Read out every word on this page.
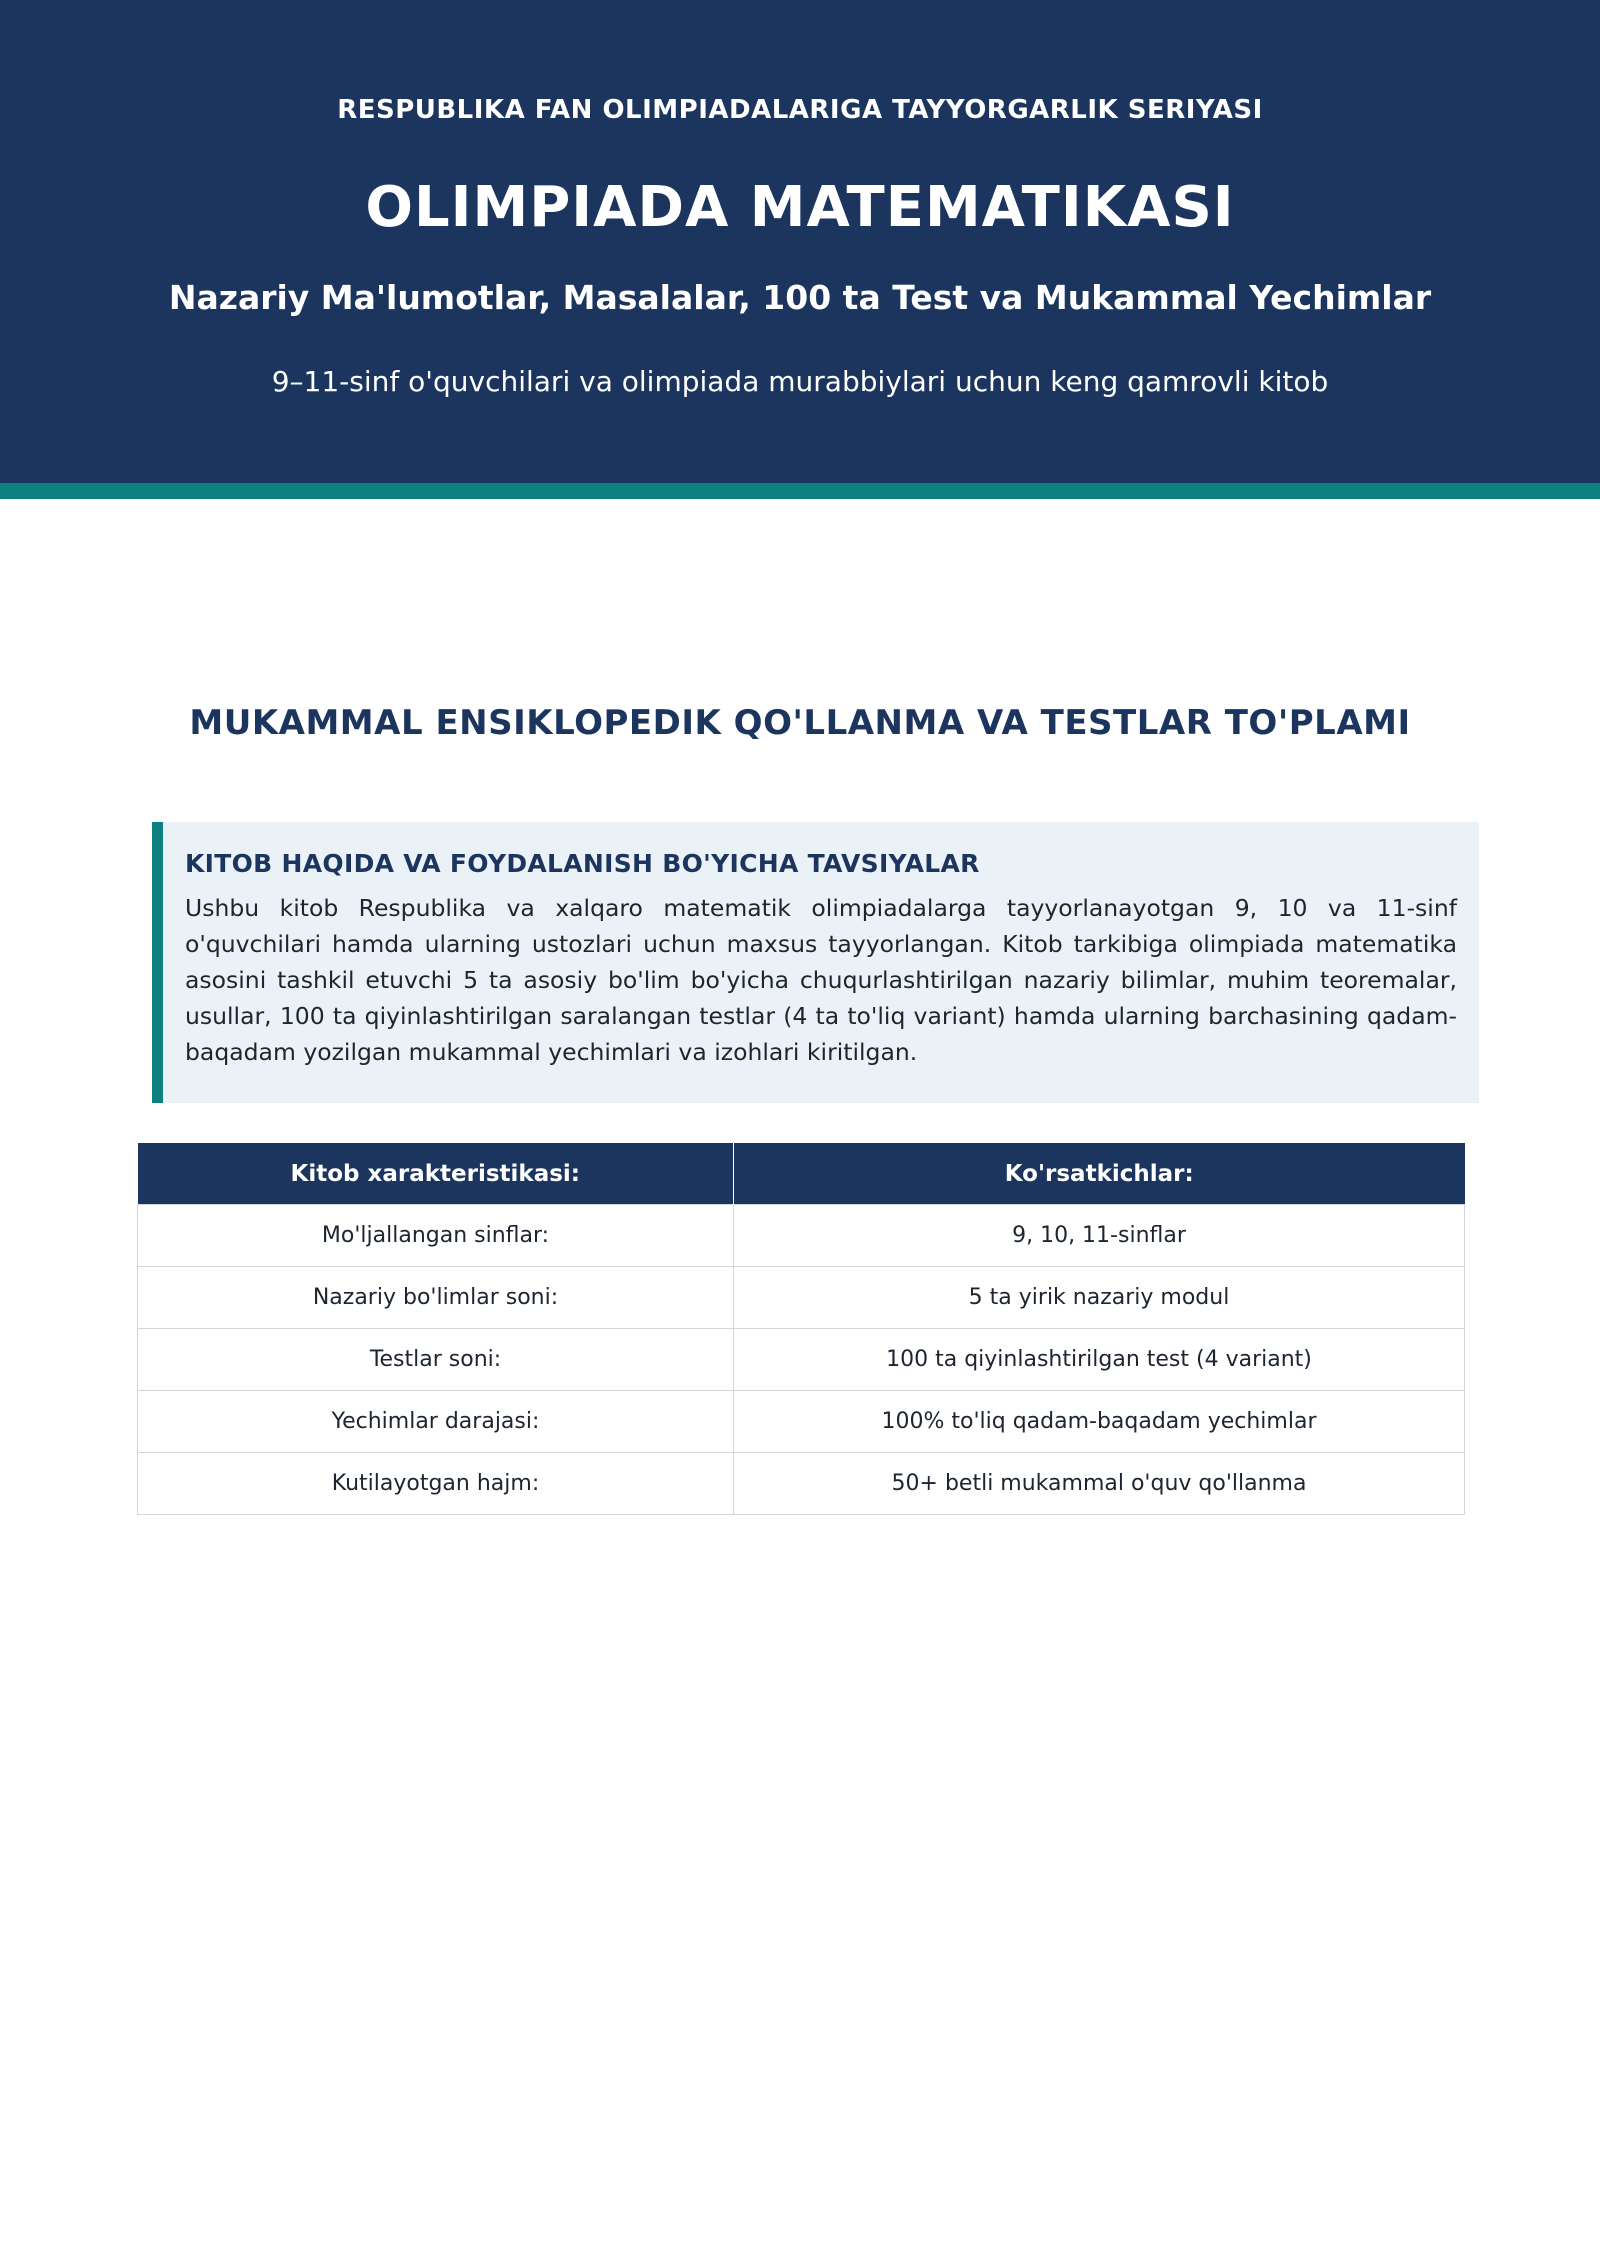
RESPUBLIKA FAN OLIMPIADALARIGA TAYYORGARLIK SERIYASI
OLIMPIADA MATEMATIKASI
Nazariy Ma'lumotlar, Masalalar, 100 ta Test va Mukammal Yechimlar
9–11-sinf o'quvchilari va olimpiada murabbiylari uchun keng qamrovli kitob
MUKAMMAL ENSIKLOPEDIK QO'LLANMA VA TESTLAR TO'PLAMI

KITOB HAQIDA VA FOYDALANISH BO'YICHA TAVSIYALAR

Ushbu kitob Respublika va xalqaro matematik olimpiadalarga tayyorlanayotgan 9, 10 va 11-sinf o'quvchilari hamda ularning ustozlari uchun maxsus tayyorlangan. Kitob tarkibiga olimpiada matematika asosini tashkil etuvchi 5 ta asosiy bo'lim bo'yicha chuqurlashtirilgan nazariy bilimlar, muhim teoremalar, usullar, 100 ta qiyinlashtirilgan saralangan testlar (4 ta to'liq variant) hamda ularning barchasining qadam-baqadam yozilgan mukammal yechimlari va izohlari kiritilgan.

Kitob xarakteristikasi:	Ko'rsatkichlar:
Mo'ljallangan sinflar:	9, 10, 11-sinflar
Nazariy bo'limlar soni:	5 ta yirik nazariy modul
Testlar soni:	100 ta qiyinlashtirilgan test (4 variant)
Yechimlar darajasi:	100% to'liq qadam-baqadam yechimlar
Kutilayotgan hajm:	50+ betli mukammal o'quv qo'llanma
